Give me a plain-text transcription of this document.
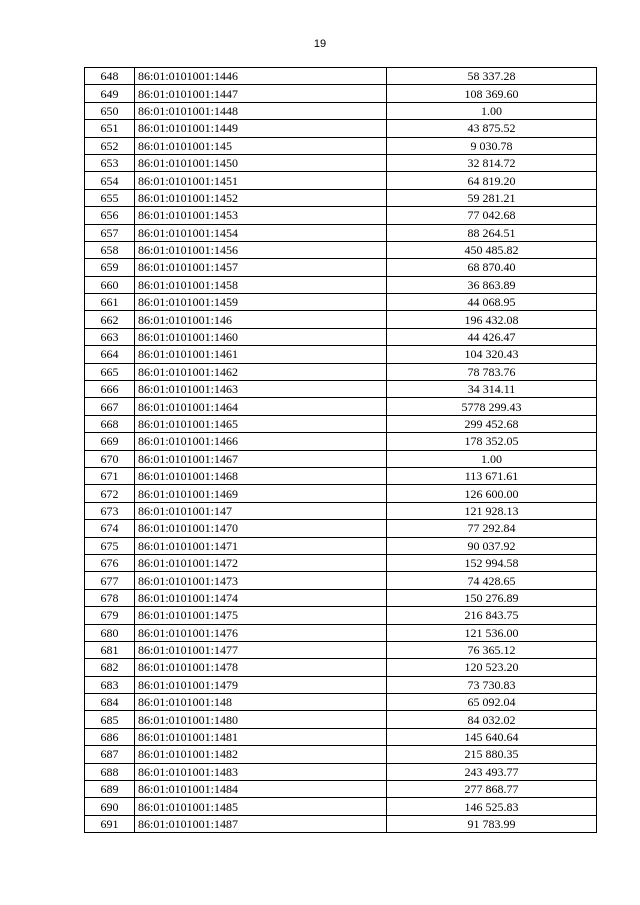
19
648	86:01:0101001:1446	58 337.28
649	86:01:0101001:1447	108 369.60
650	86:01:0101001:1448	1.00
651	86:01:0101001:1449	43 875.52
652	86:01:0101001:145	9 030.78
653	86:01:0101001:1450	32 814.72
654	86:01:0101001:1451	64 819.20
655	86:01:0101001:1452	59 281.21
656	86:01:0101001:1453	77 042.68
657	86:01:0101001:1454	88 264.51
658	86:01:0101001:1456	450 485.82
659	86:01:0101001:1457	68 870.40
660	86:01:0101001:1458	36 863.89
661	86:01:0101001:1459	44 068.95
662	86:01:0101001:146	196 432.08
663	86:01:0101001:1460	44 426.47
664	86:01:0101001:1461	104 320.43
665	86:01:0101001:1462	78 783.76
666	86:01:0101001:1463	34 314.11
667	86:01:0101001:1464	5778 299.43
668	86:01:0101001:1465	299 452.68
669	86:01:0101001:1466	178 352.05
670	86:01:0101001:1467	1.00
671	86:01:0101001:1468	113 671.61
672	86:01:0101001:1469	126 600.00
673	86:01:0101001:147	121 928.13
674	86:01:0101001:1470	77 292.84
675	86:01:0101001:1471	90 037.92
676	86:01:0101001:1472	152 994.58
677	86:01:0101001:1473	74 428.65
678	86:01:0101001:1474	150 276.89
679	86:01:0101001:1475	216 843.75
680	86:01:0101001:1476	121 536.00
681	86:01:0101001:1477	76 365.12
682	86:01:0101001:1478	120 523.20
683	86:01:0101001:1479	73 730.83
684	86:01:0101001:148	65 092.04
685	86:01:0101001:1480	84 032.02
686	86:01:0101001:1481	145 640.64
687	86:01:0101001:1482	215 880.35
688	86:01:0101001:1483	243 493.77
689	86:01:0101001:1484	277 868.77
690	86:01:0101001:1485	146 525.83
691	86:01:0101001:1487	91 783.99
